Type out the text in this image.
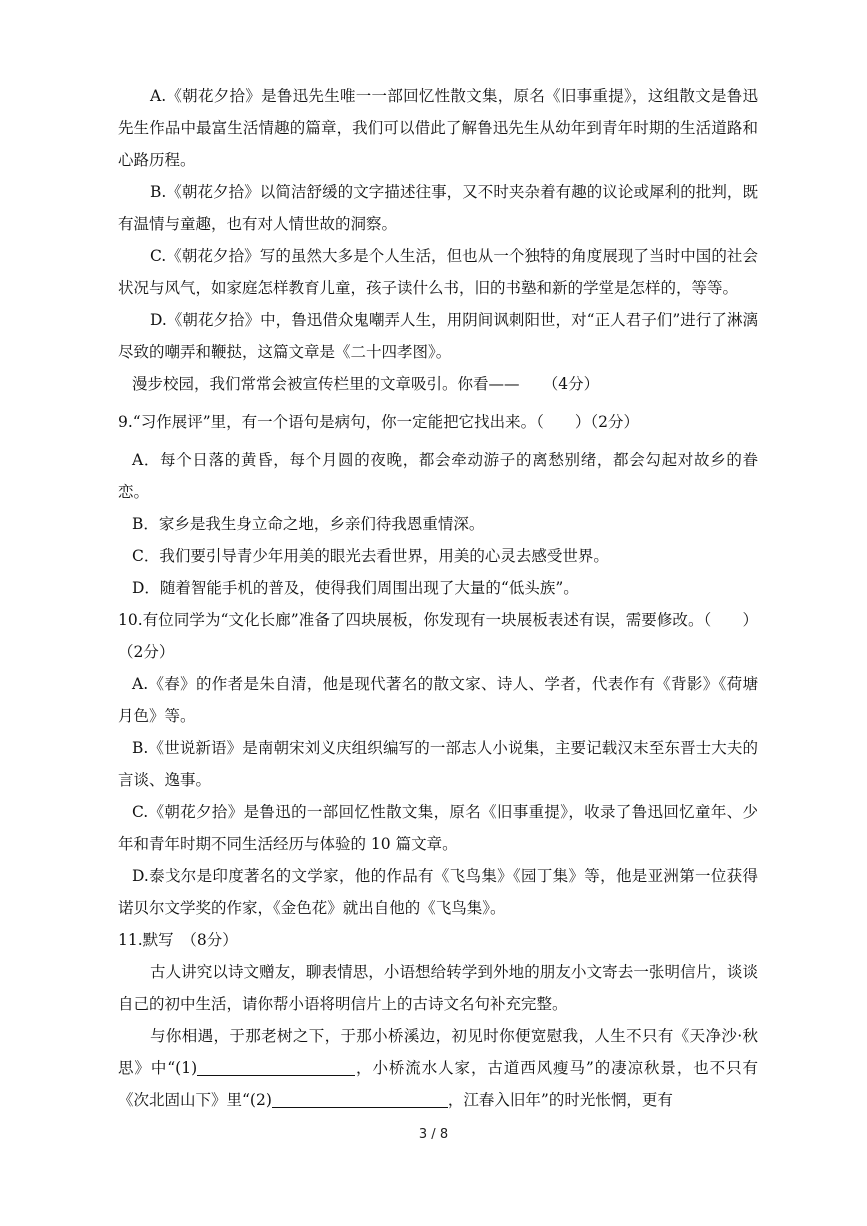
A.《朝花夕拾》是鲁迅先生唯一一部回忆性散文集，原名《旧事重提》，这组散文是鲁迅先生作品中最富生活情趣的篇章，我们可以借此了解鲁迅先生从幼年到青年时期的生活道路和心路历程。

B.《朝花夕拾》以简洁舒缓的文字描述往事，又不时夹杂着有趣的议论或犀利的批判，既有温情与童趣，也有对人情世故的洞察。

C.《朝花夕拾》写的虽然大多是个人生活，但也从一个独特的角度展现了当时中国的社会状况与风气，如家庭怎样教育儿童，孩子读什么书，旧的书塾和新的学堂是怎样的，等等。

D.《朝花夕拾》中，鲁迅借众鬼嘲弄人生，用阴间讽刺阳世，对“正人君子们”进行了淋漓尽致的嘲弄和鞭挞，这篇文章是《二十四孝图》。

漫步校园，我们常常会被宣传栏里的文章吸引。你看——　　（4分）

9.“习作展评”里，有一个语句是病句，你一定能把它找出来。（　　）（2分）

A．每个日落的黄昏，每个月圆的夜晚，都会牵动游子的离愁别绪，都会勾起对故乡的眷恋。

B．家乡是我生身立命之地，乡亲们待我恩重情深。

C．我们要引导青少年用美的眼光去看世界，用美的心灵去感受世界。

D．随着智能手机的普及，使得我们周围出现了大量的“低头族”。

10.有位同学为“文化长廊”准备了四块展板，你发现有一块展板表述有误，需要修改。（　　）（2分）

A.《春》的作者是朱自清，他是现代著名的散文家、诗人、学者，代表作有《背影》《荷塘月色》等。

B.《世说新语》是南朝宋刘义庆组织编写的一部志人小说集，主要记载汉末至东晋士大夫的言谈、逸事。

C.《朝花夕拾》是鲁迅的一部回忆性散文集，原名《旧事重提》，收录了鲁迅回忆童年、少年和青年时期不同生活经历与体验的 10 篇文章。

D.泰戈尔是印度著名的文学家，他的作品有《飞鸟集》《园丁集》等，他是亚洲第一位获得诺贝尔文学奖的作家，《金色花》就出自他的《飞鸟集》。

11.默写　（8分）

古人讲究以诗文赠友，聊表情思，小语想给转学到外地的朋友小文寄去一张明信片，谈谈自己的初中生活，请你帮小语将明信片上的古诗文名句补充完整。

与你相遇，于那老树之下，于那小桥溪边，初见时你便宽慰我，人生不只有《天净沙·秋思》中“(1)	，小桥流水人家，古道西风瘦马”的凄凉秋景，也不只有《次北固山下》里“(2)	，江春入旧年”的时光怅惘，更有

3 / 8
